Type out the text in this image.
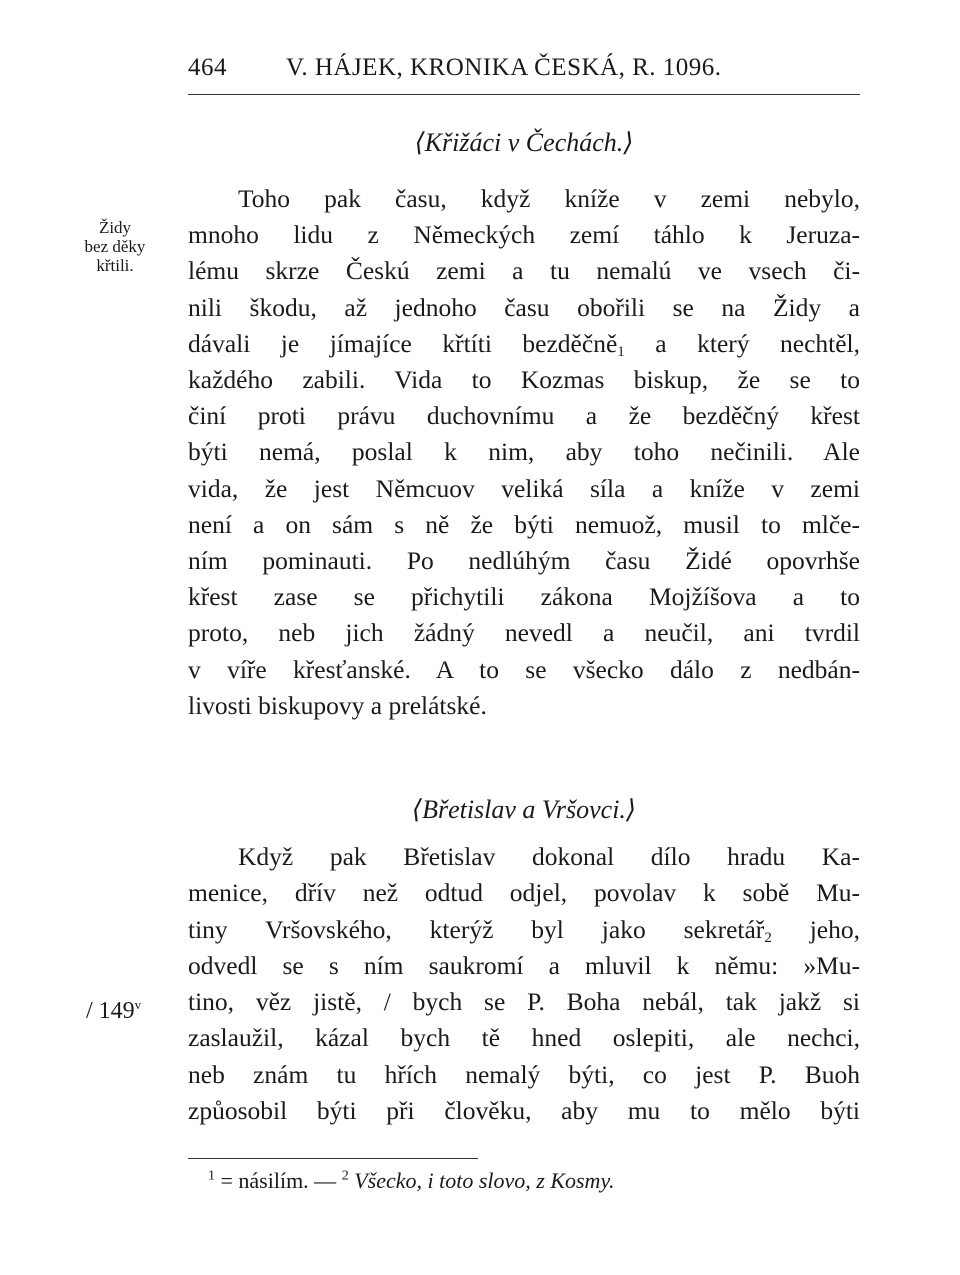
464 V. HÁJEK, KRONIKA ČESKÁ, R. 1096.
⟨Křižáci v Čechách.⟩
Toho pak času, když kníže v zemi nebylo,
mnoho lidu z Německých zemí táhlo k Jeruza-
lému skrze Českú zemi a tu nemalú ve vsech či-
nili škodu, až jednoho času obořili se na Židy a
dávali je jímajíce křtíti bezděčně$_1$ a který nechtěl,
každého zabili. Vida to Kozmas biskup, že se to
činí proti právu duchovnímu a že bezděčný křest
býti nemá, poslal k nim, aby toho nečinili. Ale
vida, že jest Němcuov veliká síla a kníže v zemi
není a on sám s ně že býti nemuož, musil to mlče-
ním pominauti. Po nedlúhým času Židé opovrhše
křest zase se přichytili zákona Mojžíšova a to
proto, neb jich žádný nevedl a neučil, ani tvrdil
v víře křesťanské. A to se všecko dálo z nedbán-
livosti biskupovy a prelátské.
Židy
bez děky
křtili.
⟨Břetislav a Vršovci.⟩
Když pak Břetislav dokonal dílo hradu Ka-
menice, dřív než odtud odjel, povolav k sobě Mu-
tiny Vršovského, kterýž byl jako sekretář$_2$ jeho,
odvedl se s ním saukromí a mluvil k němu: »Mu-
tino, věz jistě, / bych se P. Boha nebál, tak jakž si
zaslaužil, kázal bych tě hned oslepiti, ale nechci,
neb znám tu hřích nemalý býti, co jest P. Buoh
způosobil býti při člověku, aby mu to mělo býti
/ 149$^v$
$^1$ = násilím. — $^2$ Všecko, i toto slovo, z Kosmy.
